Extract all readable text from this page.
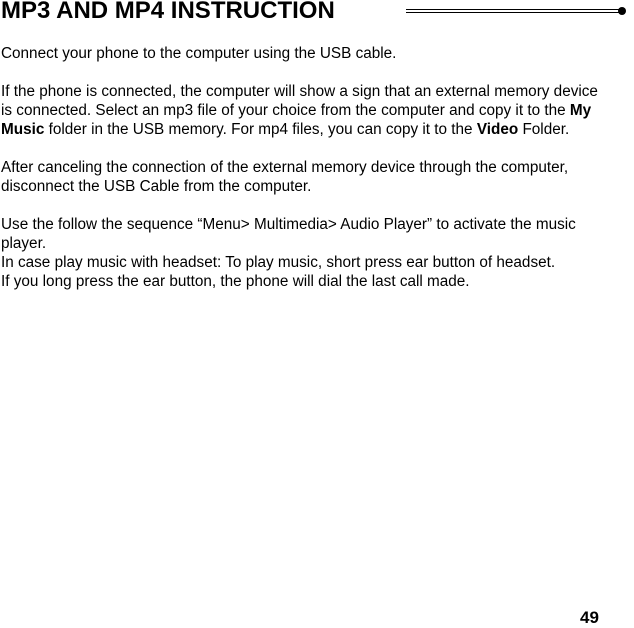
MP3 AND MP4 INSTRUCTION

Connect your phone to the computer using the USB cable.

If the phone is connected, the computer will show a sign that an external memory device is connected. Select an mp3 file of your choice from the computer and copy it to the My Music folder in the USB memory. For mp4 files, you can copy it to the Video Folder.

After canceling the connection of the external memory device through the computer, disconnect the USB Cable from the computer.

Use the follow the sequence “Menu> Multimedia> Audio Player” to activate the music player.

In case play music with headset: To play music, short press ear button of headset.

If you long press the ear button, the phone will dial the last call made.

49
